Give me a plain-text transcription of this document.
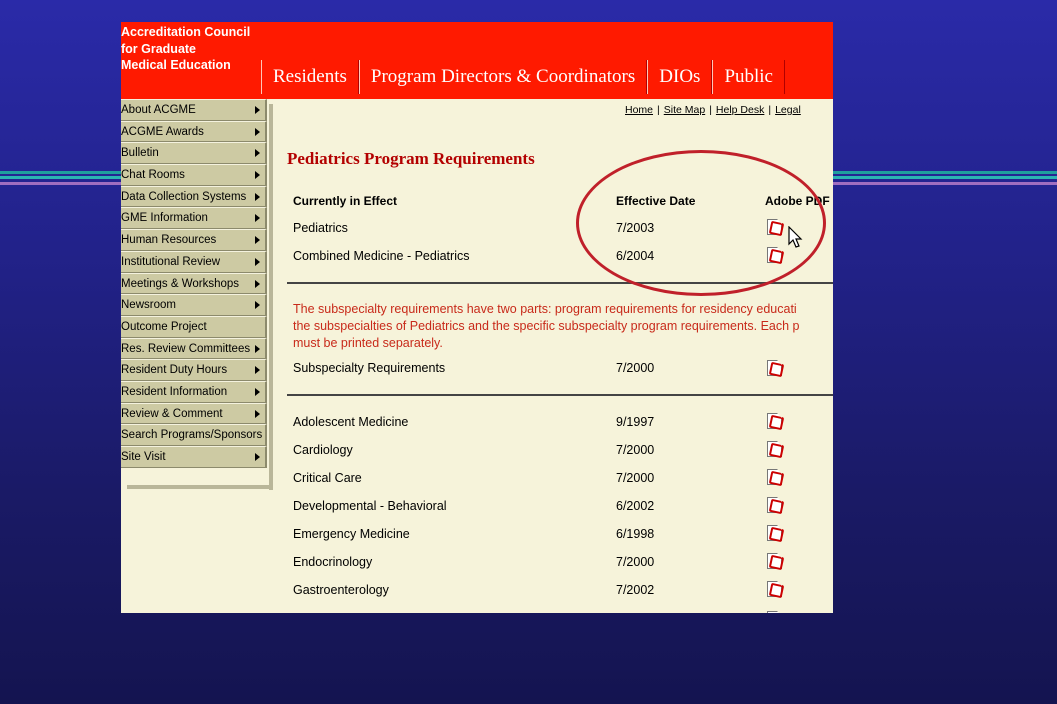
Accreditation Council
for Graduate
Medical Education
Residents	Program Directors & Coordinators	DIOs	Public
About ACGME
ACGME Awards
Bulletin
Chat Rooms
Data Collection Systems
GME Information
Human Resources
Institutional Review
Meetings & Workshops
Newsroom
Outcome Project
Res. Review Committees
Resident Duty Hours
Resident Information
Review & Comment
Search Programs/Sponsors
Site Visit
Home | Site Map | Help Desk | Legal
Pediatrics Program Requirements
Currently in Effect	Effective Date	Adobe PDF
Pediatrics	7/2003
Combined Medicine - Pediatrics	6/2004
The subspecialty requirements have two parts: program requirements for residency educati
the subspecialties of Pediatrics and the specific subspecialty program requirements. Each p
must be printed separately.
Subspecialty Requirements	7/2000
Adolescent Medicine	9/1997
Cardiology	7/2000
Critical Care	7/2000
Developmental - Behavioral	6/2002
Emergency Medicine	6/1998
Endocrinology	7/2000
Gastroenterology	7/2002
